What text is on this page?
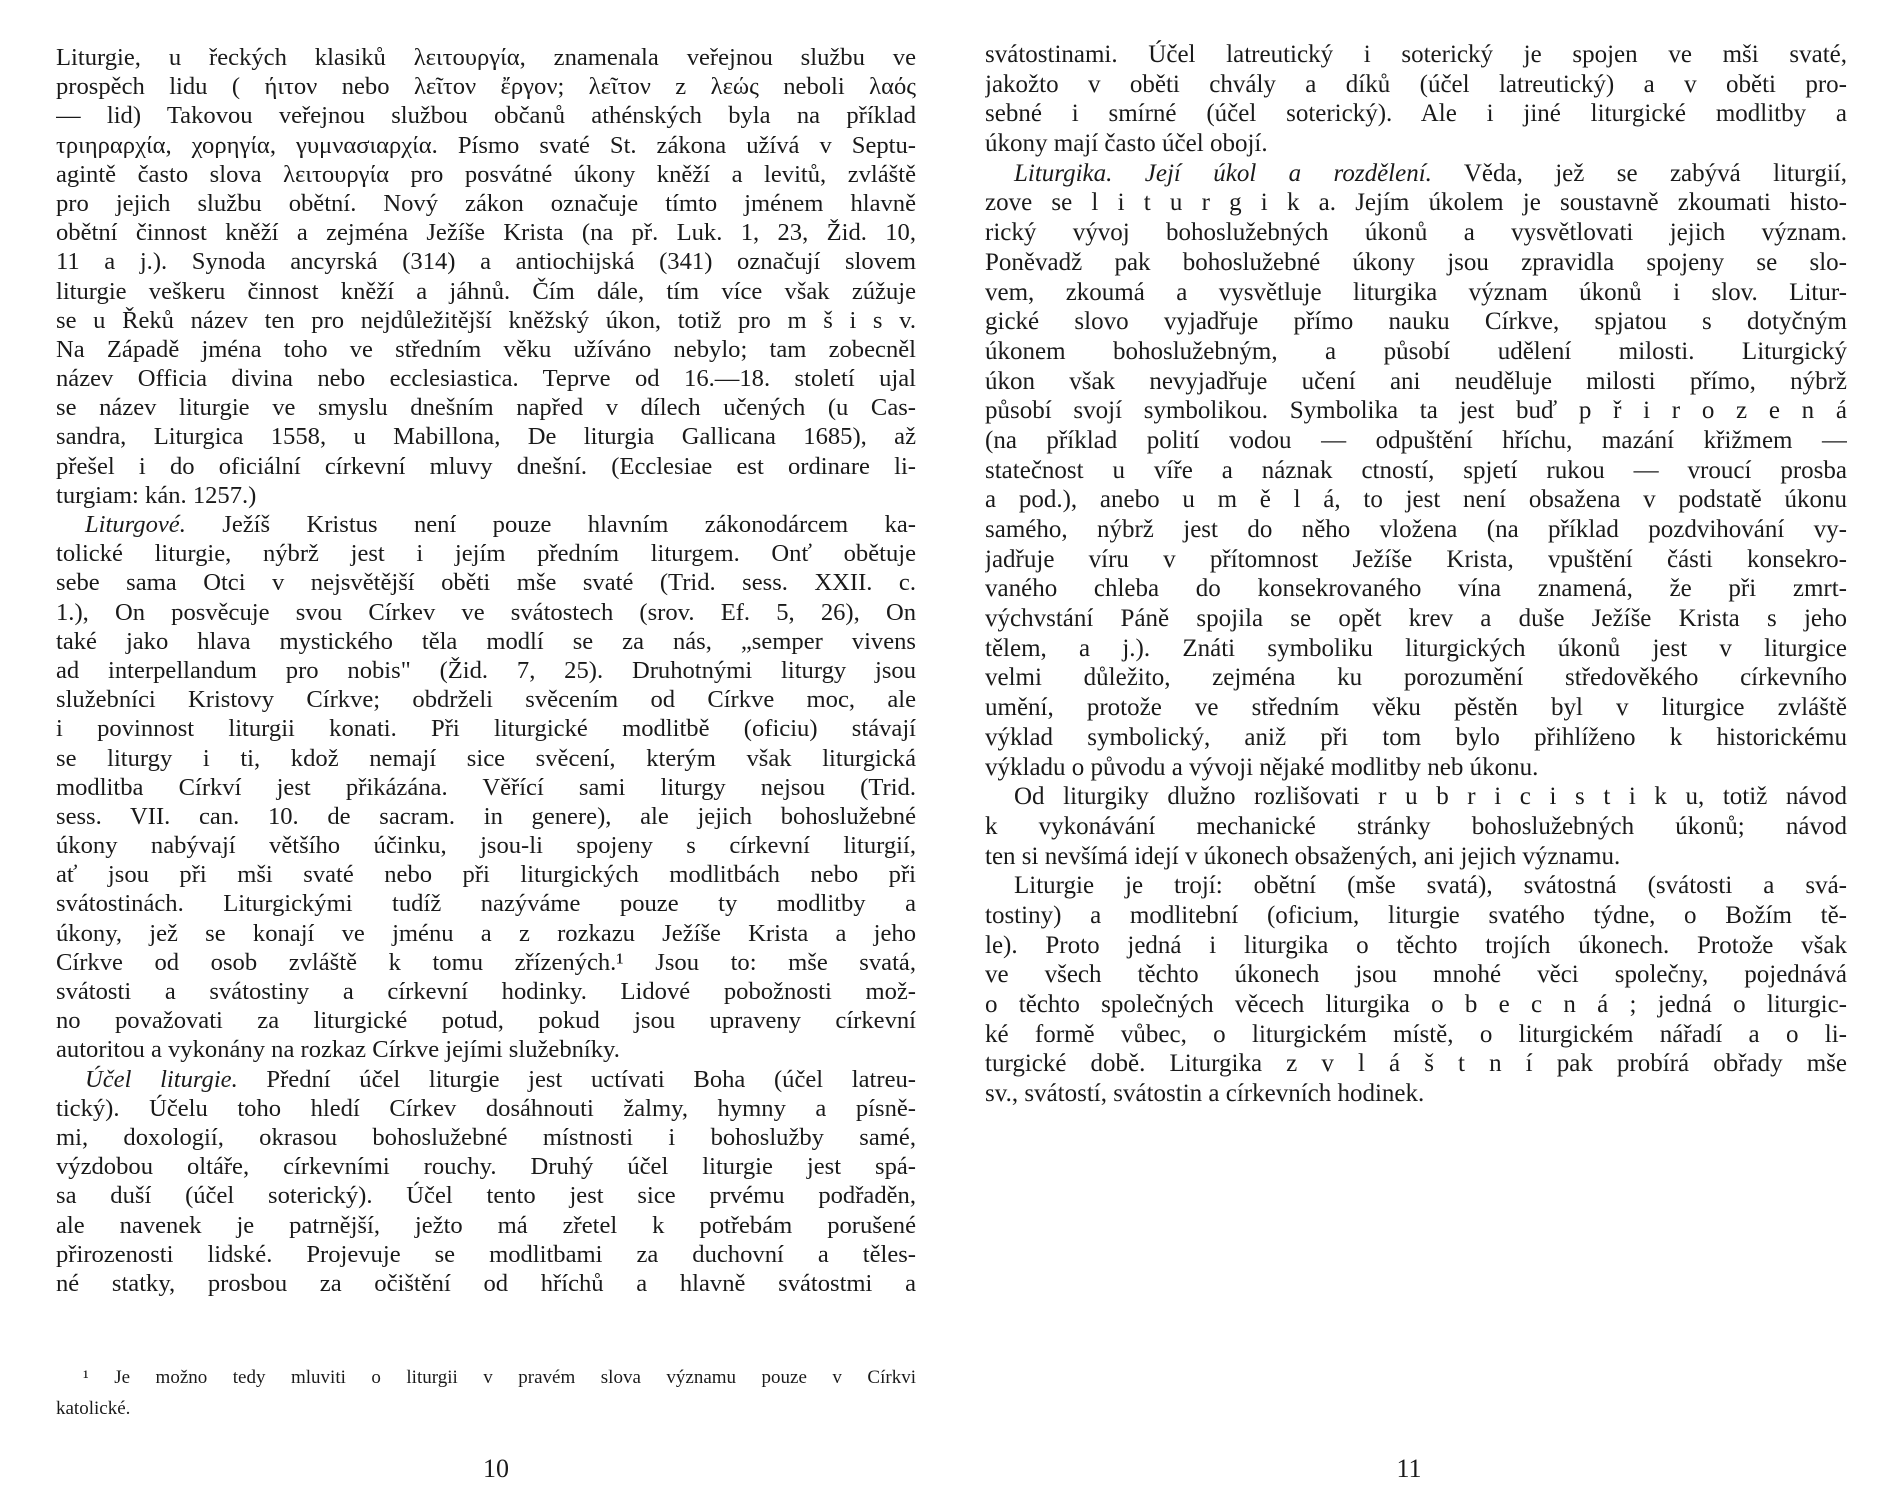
Liturgie, u řeckých klasiků λειτουργία, znamenala veřejnou službu ve
prospěch lidu ( ήιτον nebo λεῖτον ἔργον; λεῖτον z λεώς neboli λαός
— lid) Takovou veřejnou službou občanů athénských byla na příklad
τριηραρχία, χορηγία, γυμνασιαρχία. Písmo svaté St. zákona užívá v Septu-
agintě často slova λειτουργία pro posvátné úkony kněží a levitů, zvláště
pro jejich službu obětní. Nový zákon označuje tímto jménem hlavně
obětní činnost kněží a zejména Ježíše Krista (na př. Luk. 1, 23, Žid. 10,
11 a j.). Synoda ancyrská (314) a antiochijská (341) označují slovem
liturgie veškeru činnost kněží a jáhnů. Čím dále, tím více však zúžuje
se u Řeků název ten pro nejdůležitější kněžský úkon, totiž pro m š i s v.
Na Západě jména toho ve středním věku užíváno nebylo; tam zobecněl
název Officia divina nebo ecclesiastica. Teprve od 16.—18. století ujal
se název liturgie ve smyslu dnešním napřed v dílech učených (u Cas-
sandra, Liturgica 1558, u Mabillona, De liturgia Gallicana 1685), až
přešel i do oficiální církevní mluvy dnešní. (Ecclesiae est ordinare li-
turgiam: kán. 1257.)
Liturgové. Ježíš Kristus není pouze hlavním zákonodárcem ka-
tolické liturgie, nýbrž jest i jejím předním liturgem. Onť obětuje
sebe sama Otci v nejsvětější oběti mše svaté (Trid. sess. XXII. c.
1.), On posvěcuje svou Církev ve svátostech (srov. Ef. 5, 26), On
také jako hlava mystického těla modlí se za nás, „semper vivens
ad interpellandum pro nobis" (Žid. 7, 25). Druhotnými liturgy jsou
služebníci Kristovy Církve; obdrželi svěcením od Církve moc, ale
i povinnost liturgii konati. Při liturgické modlitbě (oficiu) stávají
se liturgy i ti, kdož nemají sice svěcení, kterým však liturgická
modlitba Církví jest přikázána. Věřící sami liturgy nejsou (Trid.
sess. VII. can. 10. de sacram. in genere), ale jejich bohoslužebné
úkony nabývají většího účinku, jsou-li spojeny s církevní liturgií,
ať jsou při mši svaté nebo při liturgických modlitbách nebo při
svátostinách. Liturgickými tudíž nazýváme pouze ty modlitby a
úkony, jež se konají ve jménu a z rozkazu Ježíše Krista a jeho
Církve od osob zvláště k tomu zřízených.¹ Jsou to: mše svatá,
svátosti a svátostiny a církevní hodinky. Lidové pobožnosti mož-
no považovati za liturgické potud, pokud jsou upraveny církevní
autoritou a vykonány na rozkaz Církve jejími služebníky.
Účel liturgie. Přední účel liturgie jest uctívati Boha (účel latreu-
tický). Účelu toho hledí Církev dosáhnouti žalmy, hymny a písně-
mi, doxologií, okrasou bohoslužebné místnosti i bohoslužby samé,
výzdobou oltáře, církevními rouchy. Druhý účel liturgie jest spá-
sa duší (účel soterický). Účel tento jest sice prvému podřaděn,
ale navenek je patrnější, ježto má zřetel k potřebám porušené
přirozenosti lidské. Projevuje se modlitbami za duchovní a těles-
né statky, prosbou za očištění od hříchů a hlavně svátostmi a
¹ Je možno tedy mluviti o liturgii v pravém slova významu pouze v Církvi
katolické.
10
svátostinami. Účel latreutický i soterický je spojen ve mši svaté,
jakožto v oběti chvály a díků (účel latreutický) a v oběti pro-
sebné i smírné (účel soterický). Ale i jiné liturgické modlitby a
úkony mají často účel obojí.
Liturgika. Její úkol a rozdělení. Věda, jež se zabývá liturgií,
zove se l i t u r g i k a. Jejím úkolem je soustavně zkoumati histo-
rický vývoj bohoslužebných úkonů a vysvětlovati jejich význam.
Poněvadž pak bohoslužebné úkony jsou zpravidla spojeny se slo-
vem, zkoumá a vysvětluje liturgika význam úkonů i slov. Litur-
gické slovo vyjadřuje přímo nauku Církve, spjatou s dotyčným
úkonem bohoslužebným, a působí udělení milosti. Liturgický
úkon však nevyjadřuje učení ani neuděluje milosti přímo, nýbrž
působí svojí symbolikou. Symbolika ta jest buď p ř i r o z e n á
(na příklad polití vodou — odpuštění hříchu, mazání křižmem —
statečnost u víře a náznak ctností, spjetí rukou — vroucí prosba
a pod.), anebo u m ě l á, to jest není obsažena v podstatě úkonu
samého, nýbrž jest do něho vložena (na příklad pozdvihování vy-
jadřuje víru v přítomnost Ježíše Krista, vpuštění části konsekro-
vaného chleba do konsekrovaného vína znamená, že při zmrt-
výchvstání Páně spojila se opět krev a duše Ježíše Krista s jeho
tělem, a j.). Znáti symboliku liturgických úkonů jest v liturgice
velmi důležito, zejména ku porozumění středověkého církevního
umění, protože ve středním věku pěstěn byl v liturgice zvláště
výklad symbolický, aniž při tom bylo přihlíženo k historickému
výkladu o původu a vývoji nějaké modlitby neb úkonu.
Od liturgiky dlužno rozlišovati r u b r i c i s t i k u, totiž návod
k vykonávání mechanické stránky bohoslužebných úkonů; návod
ten si nevšímá idejí v úkonech obsažených, ani jejich významu.
Liturgie je trojí: obětní (mše svatá), svátostná (svátosti a svá-
tostiny) a modlitební (oficium, liturgie svatého týdne, o Božím tě-
le). Proto jedná i liturgika o těchto trojích úkonech. Protože však
ve všech těchto úkonech jsou mnohé věci společny, pojednává
o těchto společných věcech liturgika o b e c n á ; jedná o liturgic-
ké formě vůbec, o liturgickém místě, o liturgickém nářadí a o li-
turgické době. Liturgika z v l á š t n í pak probírá obřady mše
sv., svátostí, svátostin a církevních hodinek.
11
